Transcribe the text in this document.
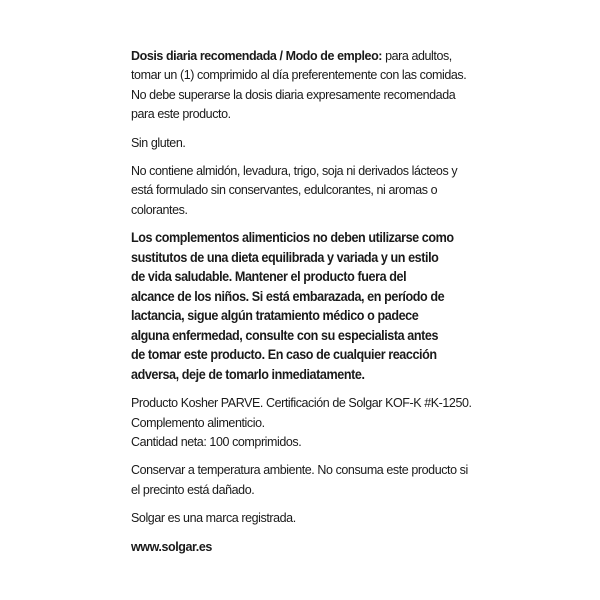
Dosis diaria recomendada / Modo de empleo: para adultos,
tomar un (1) comprimido al día preferentemente con las comidas.
No debe superarse la dosis diaria expresamente recomendada
para este producto.

Sin gluten.

No contiene almidón, levadura, trigo, soja ni derivados lácteos y
está formulado sin conservantes, edulcorantes, ni aromas o
colorantes.

Los complementos alimenticios no deben utilizarse como
sustitutos de una dieta equilibrada y variada y un estilo
de vida saludable. Mantener el producto fuera del
alcance de los niños. Si está embarazada, en período de
lactancia, sigue algún tratamiento médico o padece
alguna enfermedad, consulte con su especialista antes
de tomar este producto. En caso de cualquier reacción
adversa, deje de tomarlo inmediatamente.

Producto Kosher PARVE. Certificación de Solgar KOF-K #K-1250.
Complemento alimenticio.
Cantidad neta: 100 comprimidos.

Conservar a temperatura ambiente. No consuma este producto si
el precinto está dañado.

Solgar es una marca registrada.

www.solgar.es
